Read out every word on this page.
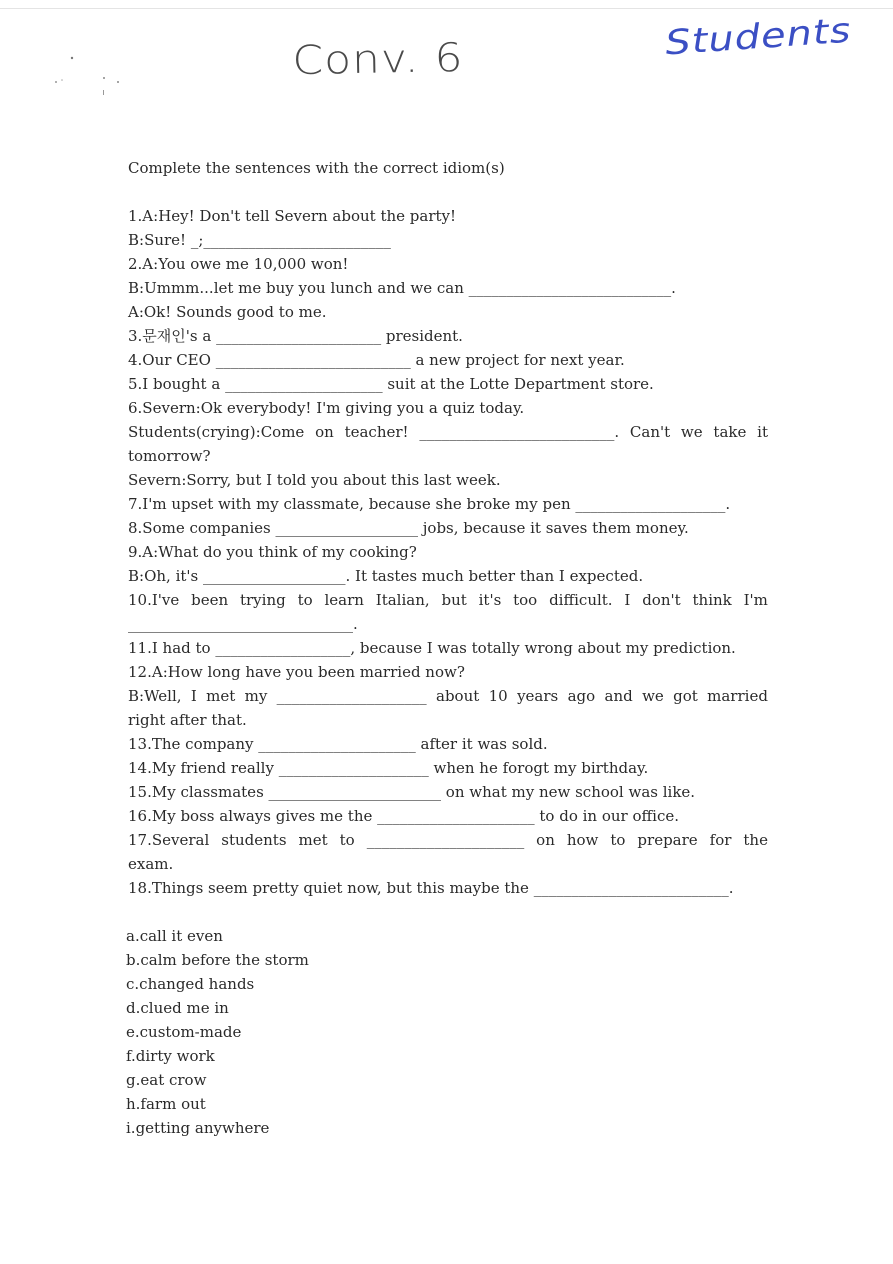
Conv. 6	Students
Complete the sentences with the correct idiom(s)
1.A:Hey! Don't tell Severn about the party!
B:Sure! _;_________________________
2.A:You owe me 10,000 won!
B:Ummm...let me buy you lunch and we can ___________________________.
A:Ok! Sounds good to me.
3.문재인's a ______________________ president.
4.Our CEO __________________________ a new project for next year.
5.I bought a _____________________ suit at the Lotte Department store.
6.Severn:Ok everybody! I'm giving you a quiz today.
Students(crying):Come on teacher! __________________________. Can't we take it
tomorrow?
Severn:Sorry, but I told you about this last week.
7.I'm upset with my classmate, because she broke my pen ____________________.
8.Some companies ___________________ jobs, because it saves them money.
9.A:What do you think of my cooking?
B:Oh, it's ___________________. It tastes much better than I expected.
10.I've been trying to learn Italian, but it's too difficult. I don't think I'm
______________________________.
11.I had to __________________, because I was totally wrong about my prediction.
12.A:How long have you been married now?
B:Well, I met my ____________________ about 10 years ago and we got married
right after that.
13.The company _____________________ after it was sold.
14.My friend really ____________________ when he forogt my birthday.
15.My classmates _______________________ on what my new school was like.
16.My boss always gives me the _____________________ to do in our office.
17.Several students met to _____________________ on how to prepare for the
exam.
18.Things seem pretty quiet now, but this maybe the __________________________.
a.call it even
b.calm before the storm
c.changed hands
d.clued me in
e.custom-made
f.dirty work
g.eat crow
h.farm out
i.getting anywhere
